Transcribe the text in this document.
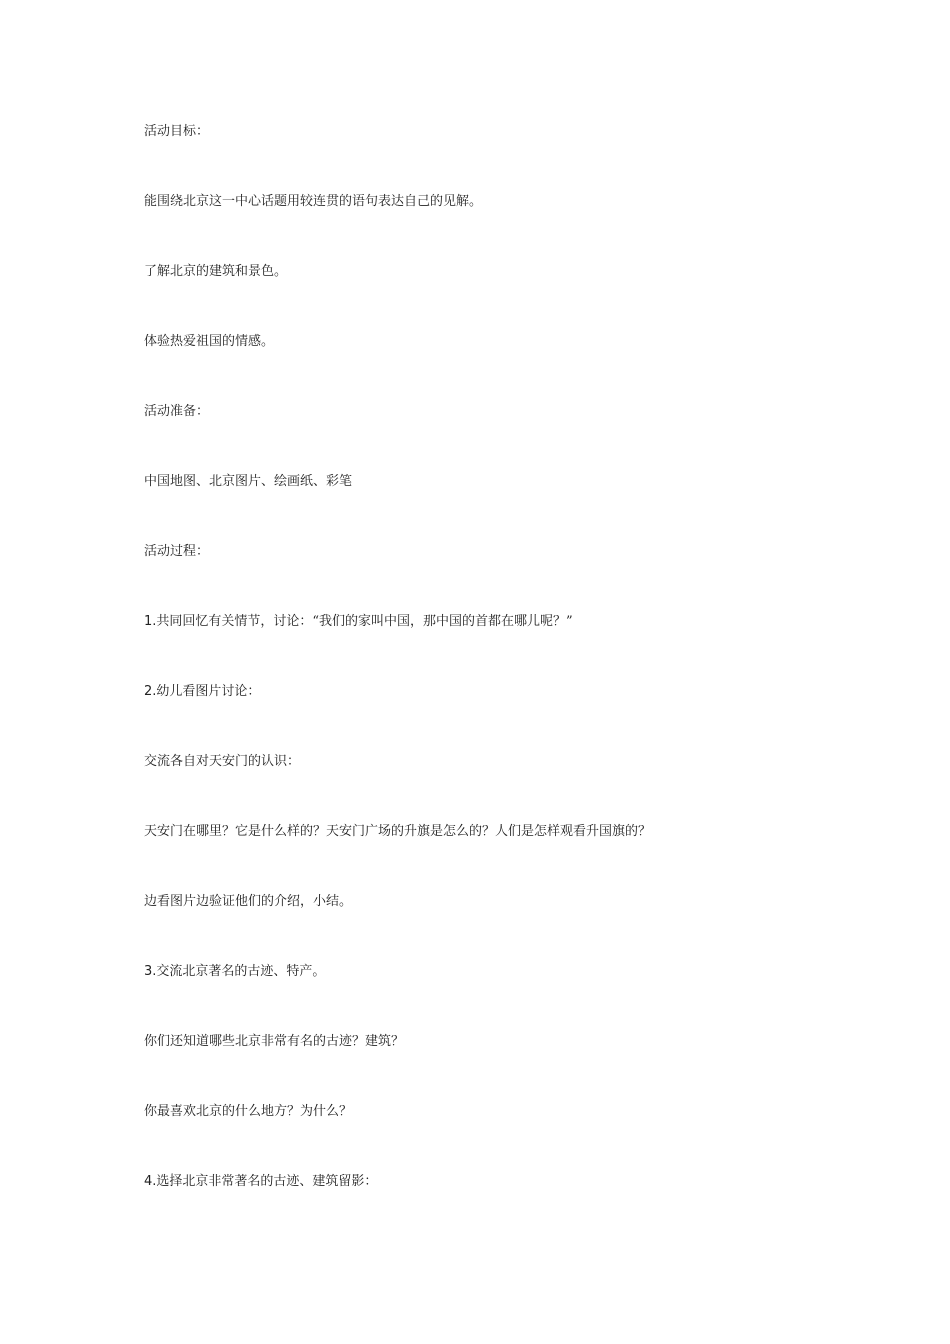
活动目标：

能围绕北京这一中心话题用较连贯的语句表达自己的见解。

了解北京的建筑和景色。

体验热爱祖国的情感。

活动准备：

中国地图、北京图片、绘画纸、彩笔

活动过程：

1.共同回忆有关情节，讨论：“我们的家叫中国，那中国的首都在哪儿呢？”

2.幼儿看图片讨论：

交流各自对天安门的认识：

天安门在哪里？它是什么样的？天安门广场的升旗是怎么的？人们是怎样观看升国旗的？

边看图片边验证他们的介绍，小结。

3.交流北京著名的古迹、特产。

你们还知道哪些北京非常有名的古迹？建筑？

你最喜欢北京的什么地方？为什么？

4.选择北京非常著名的古迹、建筑留影：
